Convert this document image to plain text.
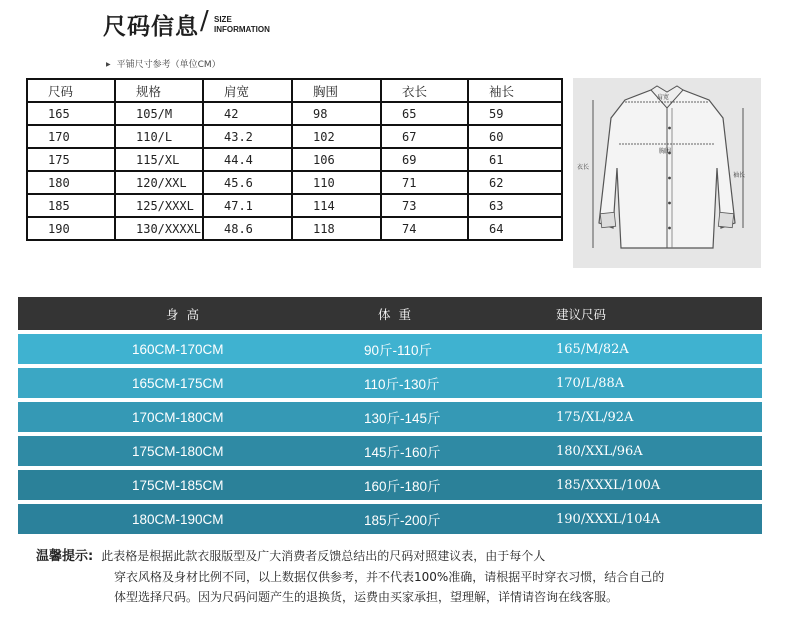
尺码信息 / SIZE
INFORMATION
▶ 平铺尺寸参考（单位CM）
尺码	规格	肩宽	胸围	衣长	袖长
165	105/M	42	98	65	59
170	110/L	43.2	102	67	60
175	115/XL	44.4	106	69	61
180	120/XXL	45.6	110	71	62
185	125/XXXL	47.1	114	73	63
190	130/XXXXL	48.6	118	74	64
肩宽
胸围
衣长
袖长
身高	体重	建议尺码
160CM-170CM	90斤-110斤	165/M/82A
165CM-175CM	110斤-130斤	170/L/88A
170CM-180CM	130斤-145斤	175/XL/92A
175CM-180CM	145斤-160斤	180/XXL/96A
175CM-185CM	160斤-180斤	185/XXXL/100A
180CM-190CM	185斤-200斤	190/XXXL/104A
温馨提示: 此表格是根据此款衣服版型及广大消费者反馈总结出的尺码对照建议表，由于每个人
穿衣风格及身材比例不同，以上数据仅供参考，并不代表100%准确，请根据平时穿衣习惯，结合自己的
体型选择尺码。因为尺码问题产生的退换货，运费由买家承担，望理解，详情请咨询在线客服。
